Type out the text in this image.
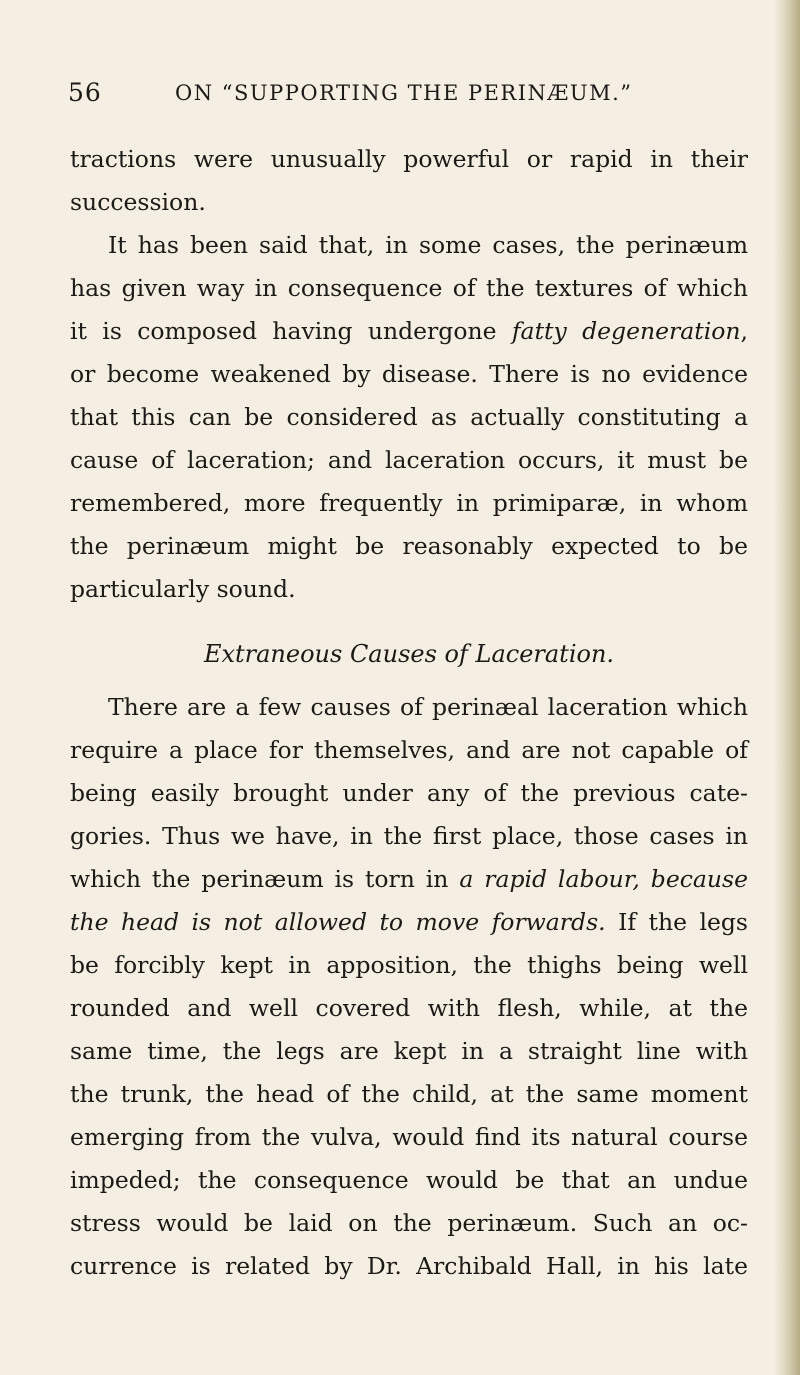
56	ON “SUPPORTING THE PERINÆUM.”
tractions were unusually powerful or rapid in their
succession.
It has been said that, in some cases, the perinæum
has given way in consequence of the textures of which
it is composed having undergone fatty degeneration,
or become weakened by disease. There is no evidence
that this can be considered as actually constituting a
cause of laceration; and laceration occurs, it must be
remembered, more frequently in primiparæ, in whom
the perinæum might be reasonably expected to be
particularly sound.
Extraneous Causes of Laceration.
There are a few causes of perinæal laceration which
require a place for themselves, and are not capable of
being easily brought under any of the previous cate-
gories. Thus we have, in the first place, those cases in
which the perinæum is torn in a rapid labour, because
the head is not allowed to move forwards. If the legs
be forcibly kept in apposition, the thighs being well
rounded and well covered with flesh, while, at the
same time, the legs are kept in a straight line with
the trunk, the head of the child, at the same moment
emerging from the vulva, would find its natural course
impeded; the consequence would be that an undue
stress would be laid on the perinæum. Such an oc-
currence is related by Dr. Archibald Hall, in his late
